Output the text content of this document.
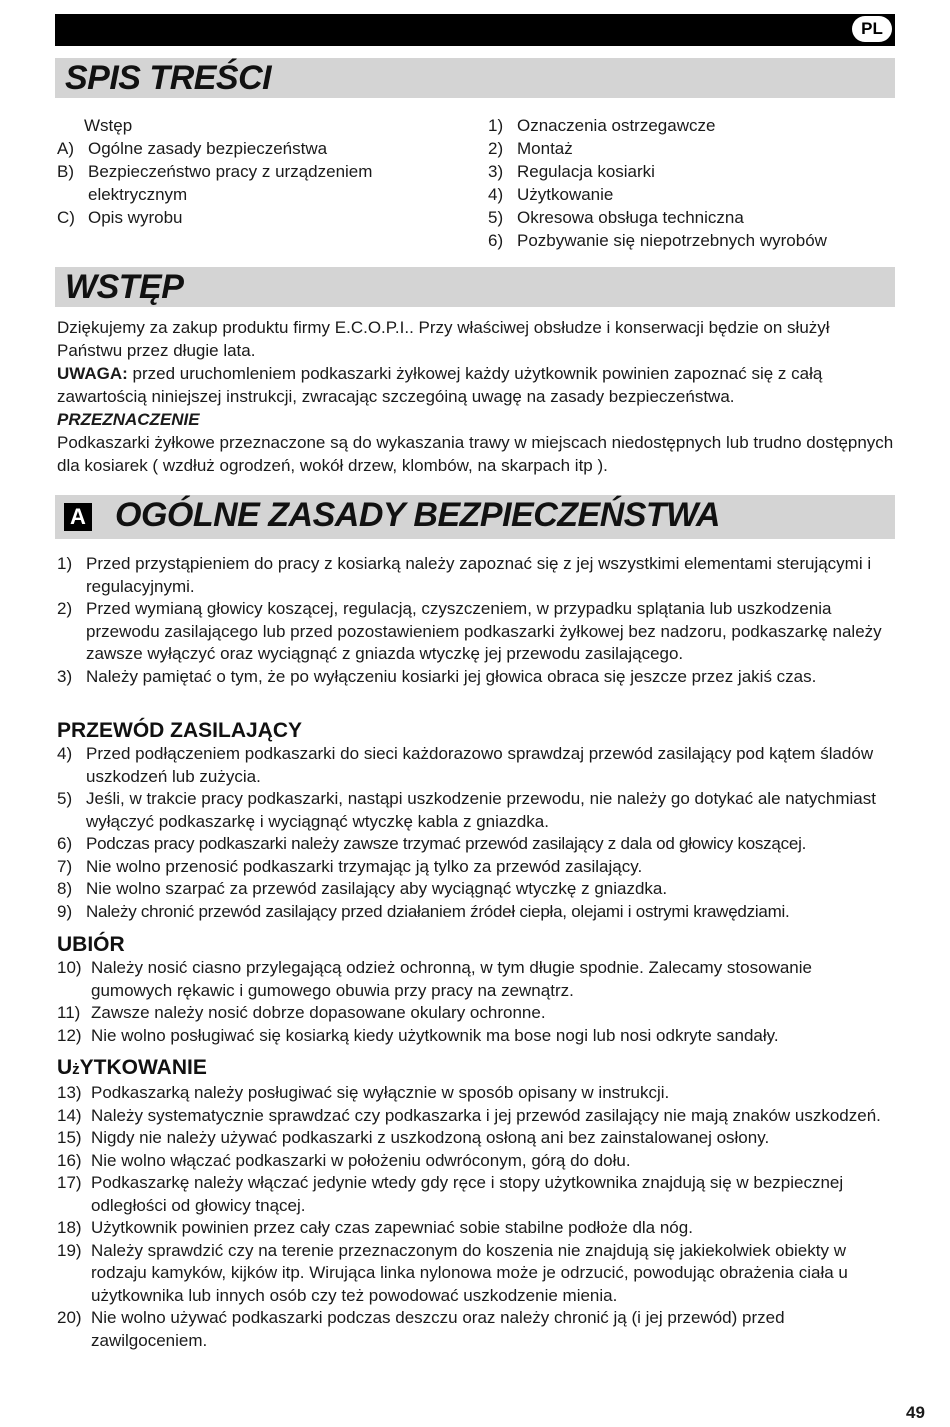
PL
SPIS TREŚCI
Wstęp
A) Ogólne zasady bezpieczeństwa
B) Bezpieczeństwo pracy z urządzeniem
elektrycznym
C) Opis wyrobu
1) Oznaczenia ostrzegawcze
2) Montaż
3) Regulacja kosiarki
4) Użytkowanie
5) Okresowa obsługa techniczna
6) Pozbywanie się niepotrzebnych wyrobów
WSTĘP
Dziękujemy za zakup produktu firmy E.C.O.P.I.. Przy właściwej obsłudze i konserwacji będzie on służył Państwu przez długie lata.
UWAGA: przed uruchomleniem podkaszarki żyłkowej każdy użytkownik powinien zapoznać się z całą zawartością niniejszej instrukcji, zwracając szczegóiną uwagę na zasady bezpieczeństwa.
PRZEZNACZENIE
Podkaszarki żyłkowe przeznaczone są do wykaszania trawy w miejscach niedostępnych lub trudno dostępnych dla kosiarek ( wzdłuż ogrodzeń, wokół drzew, klombów, na skarpach itp ).
A OGÓLNE ZASADY BEZPIECZEŃSTWA
1) Przed przystąpieniem do pracy z kosiarką należy zapoznać się z jej wszystkimi elementami sterującymi i regulacyjnymi.
2) Przed wymianą głowicy koszącej, regulacją, czyszczeniem, w przypadku splątania lub uszkodzenia przewodu zasilającego lub przed pozostawieniem podkaszarki żyłkowej bez nadzoru, podkaszarkę należy zawsze wyłączyć oraz wyciągnąć z gniazda wtyczkę jej przewodu zasilającego.
3) Należy pamiętać o tym, że po wyłączeniu kosiarki jej głowica obraca się jeszcze przez jakiś czas.
PRZEWÓD ZASILAJĄCY
4) Przed podłączeniem podkaszarki do sieci każdorazowo sprawdzaj przewód zasilający pod kątem śladów uszkodzeń lub zużycia.
5) Jeśli, w trakcie pracy podkaszarki, nastąpi uszkodzenie przewodu, nie należy go dotykać ale natychmiast wyłączyć podkaszarkę i wyciągnąć wtyczkę kabla z gniazdka.
6) Podczas pracy podkaszarki należy zawsze trzymać przewód zasilający z dala od głowicy koszącej.
7) Nie wolno przenosić podkaszarki trzymając ją tylko za przewód zasilający.
8) Nie wolno szarpać za przewód zasilający aby wyciągnąć wtyczkę z gniazdka.
9) Należy chronić przewód zasilający przed działaniem źródeł ciepła, olejami i ostrymi krawędziami.
UBIÓR
10) Należy nosić ciasno przylegającą odzież ochronną, w tym długie spodnie. Zalecamy stosowanie gumowych rękawic i gumowego obuwia przy pracy na zewnątrz.
11) Zawsze należy nosić dobrze dopasowane okulary ochronne.
12) Nie wolno posługiwać się kosiarką kiedy użytkownik ma bose nogi lub nosi odkryte sandały.
UżYTKOWANIE
13) Podkaszarką należy posługiwać się wyłącznie w sposób opisany w instrukcji.
14) Należy systematycznie sprawdzać czy podkaszarka i jej przewód zasilający nie mają znaków uszkodzeń.
15) Nigdy nie należy używać podkaszarki z uszkodzoną osłoną ani bez zainstalowanej osłony.
16) Nie wolno włączać podkaszarki w położeniu odwróconym, górą do dołu.
17) Podkaszarkę należy włączać jedynie wtedy gdy ręce i stopy użytkownika znajdują się w bezpiecznej odległości od głowicy tnącej.
18) Użytkownik powinien przez cały czas zapewniać sobie stabilne podłoże dla nóg.
19) Należy sprawdzić czy na terenie przeznaczonym do koszenia nie znajdują się jakiekolwiek obiekty w rodzaju kamyków, kijków itp. Wirująca linka nylonowa może je odrzucić, powodując obrażenia ciała u użytkownika lub innych osób czy też powodować uszkodzenie mienia.
20) Nie wolno używać podkaszarki podczas deszczu oraz należy chronić ją (i jej przewód) przed zawilgoceniem.
49
